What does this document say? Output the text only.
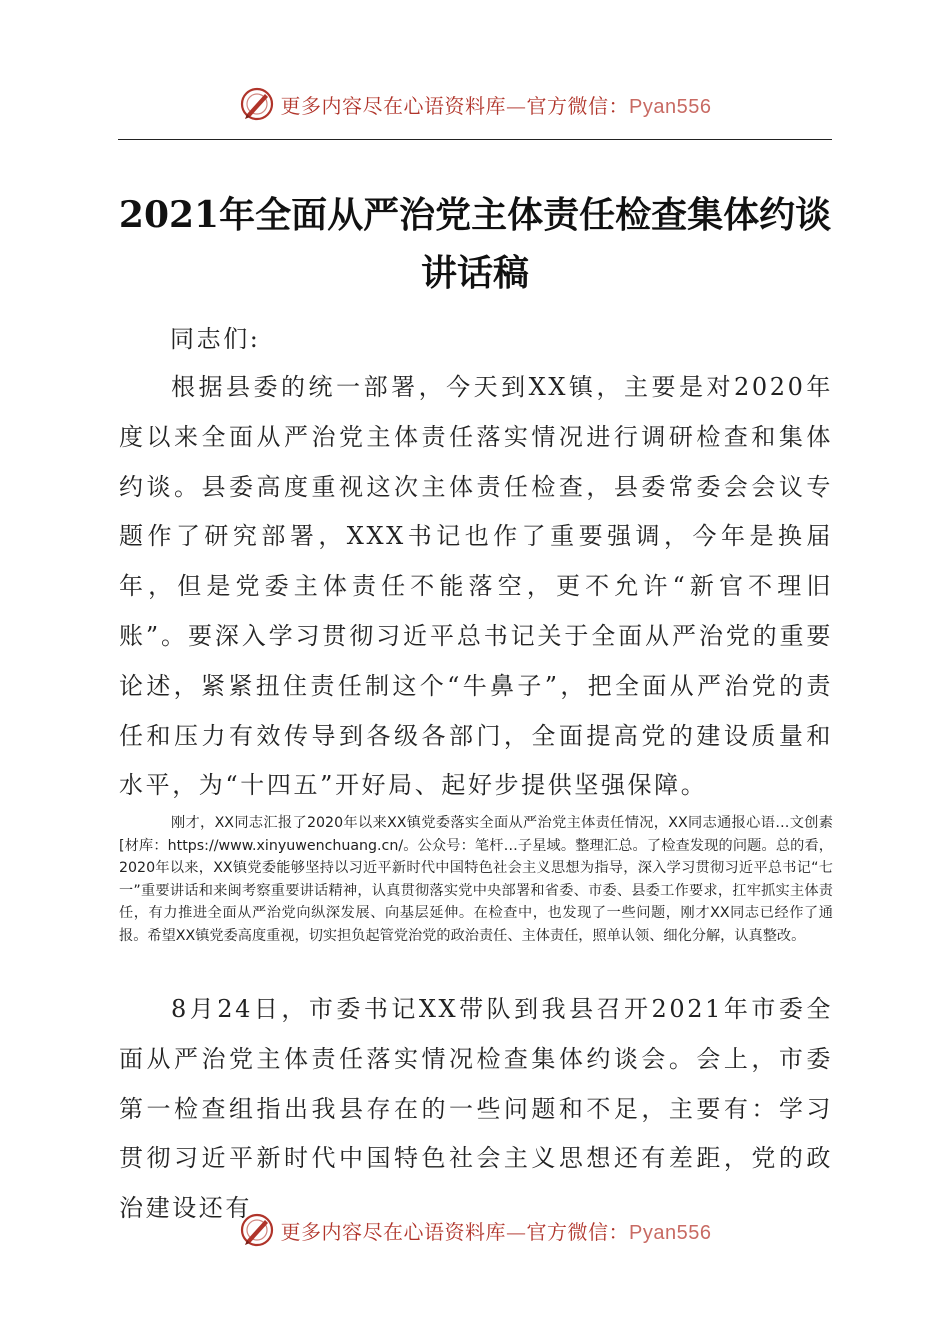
更多内容尽在心语资料库—官方微信：Pyan556
2021年全面从严治党主体责任检查集体约谈讲话稿
同志们:
根据县委的统一部署，今天到XX镇，主要是对2020年度以来全面从严治党主体责任落实情况进行调研检查和集体约谈。县委高度重视这次主体责任检查，县委常委会会议专题作了研究部署，XXX书记也作了重要强调，今年是换届年，但是党委主体责任不能落空，更不允许“新官不理旧账”。要深入学习贯彻习近平总书记关于全面从严治党的重要论述，紧紧扭住责任制这个“牛鼻子”，把全面从严治党的责任和压力有效传导到各级各部门，全面提高党的建设质量和水平，为“十四五”开好局、起好步提供坚强保障。
刚才，XX同志汇报了2020年以来XX镇党委落实全面从严治党主体责任情况，XX同志通报心语…文创素[材库：https://www.xinyuwenchuang.cn/。公众号：笔杆…子星域。整理汇总。了检查发现的问题。总的看，2020年以来，XX镇党委能够坚持以习近平新时代中国特色社会主义思想为指导，深入学习贯彻习近平总书记“七一”重要讲话和来闽考察重要讲话精神，认真贯彻落实党中央部署和省委、市委、县委工作要求，扛牢抓实主体责任，有力推进全面从严治党向纵深发展、向基层延伸。在检查中，也发现了一些问题，刚才XX同志已经作了通报。希望XX镇党委高度重视，切实担负起管党治党的政治责任、主体责任，照单认领、细化分解，认真整改。
8月24日，市委书记XX带队到我县召开2021年市委全面从严治党主体责任落实情况检查集体约谈会。会上，市委第一检查组指出我县存在的一些问题和不足，主要有：学习贯彻习近平新时代中国特色社会主义思想还有差距，党的政治建设还有
更多内容尽在心语资料库—官方微信：Pyan556
